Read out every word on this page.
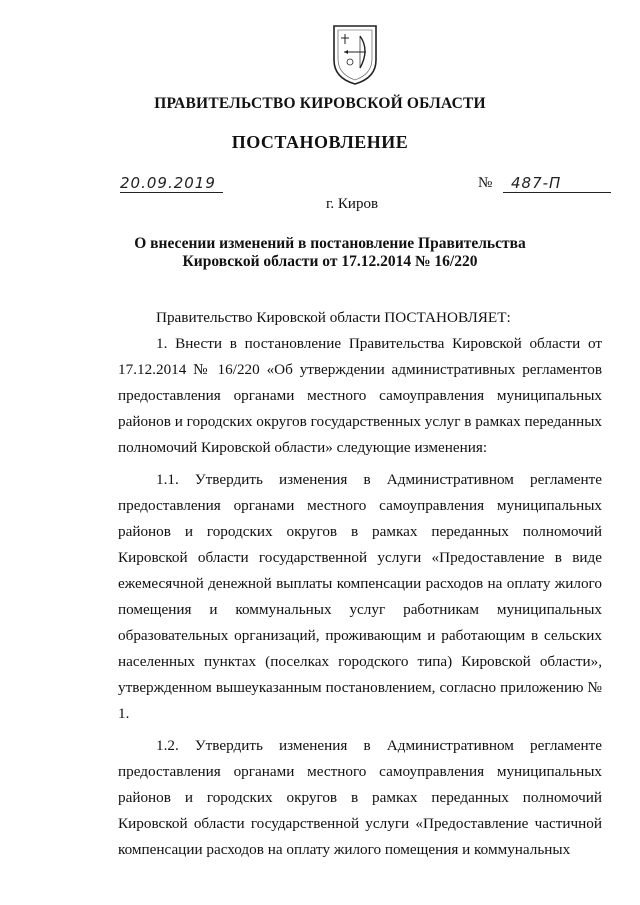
ПРАВИТЕЛЬСТВО КИРОВСКОЙ ОБЛАСТИ
ПОСТАНОВЛЕНИЕ
20.09.2019	№	487-П
г. Киров
О внесении изменений в постановление Правительства
Кировской области от 17.12.2014 № 16/220

Правительство Кировской области ПОСТАНОВЛЯЕТ:

1. Внести в постановление Правительства Кировской области от 17.12.2014 № 16/220 «Об утверждении административных регламентов предоставления органами местного самоуправления муниципальных районов и городских округов государственных услуг в рамках переданных полномочий Кировской области» следующие изменения:

1.1. Утвердить изменения в Административном регламенте предоставления органами местного самоуправления муниципальных районов и городских округов в рамках переданных полномочий Кировской области государственной услуги «Предоставление в виде ежемесячной денежной выплаты компенсации расходов на оплату жилого помещения и коммунальных услуг работникам муниципальных образовательных организаций, проживающим и работающим в сельских населенных пунктах (поселках городского типа) Кировской области», утвержденном вышеуказанным постановлением, согласно приложению № 1.

1.2. Утвердить изменения в Административном регламенте предоставления органами местного самоуправления муниципальных районов и городских округов в рамках переданных полномочий Кировской области государственной услуги «Предоставление частичной компенсации расходов на оплату жилого помещения и коммунальных
